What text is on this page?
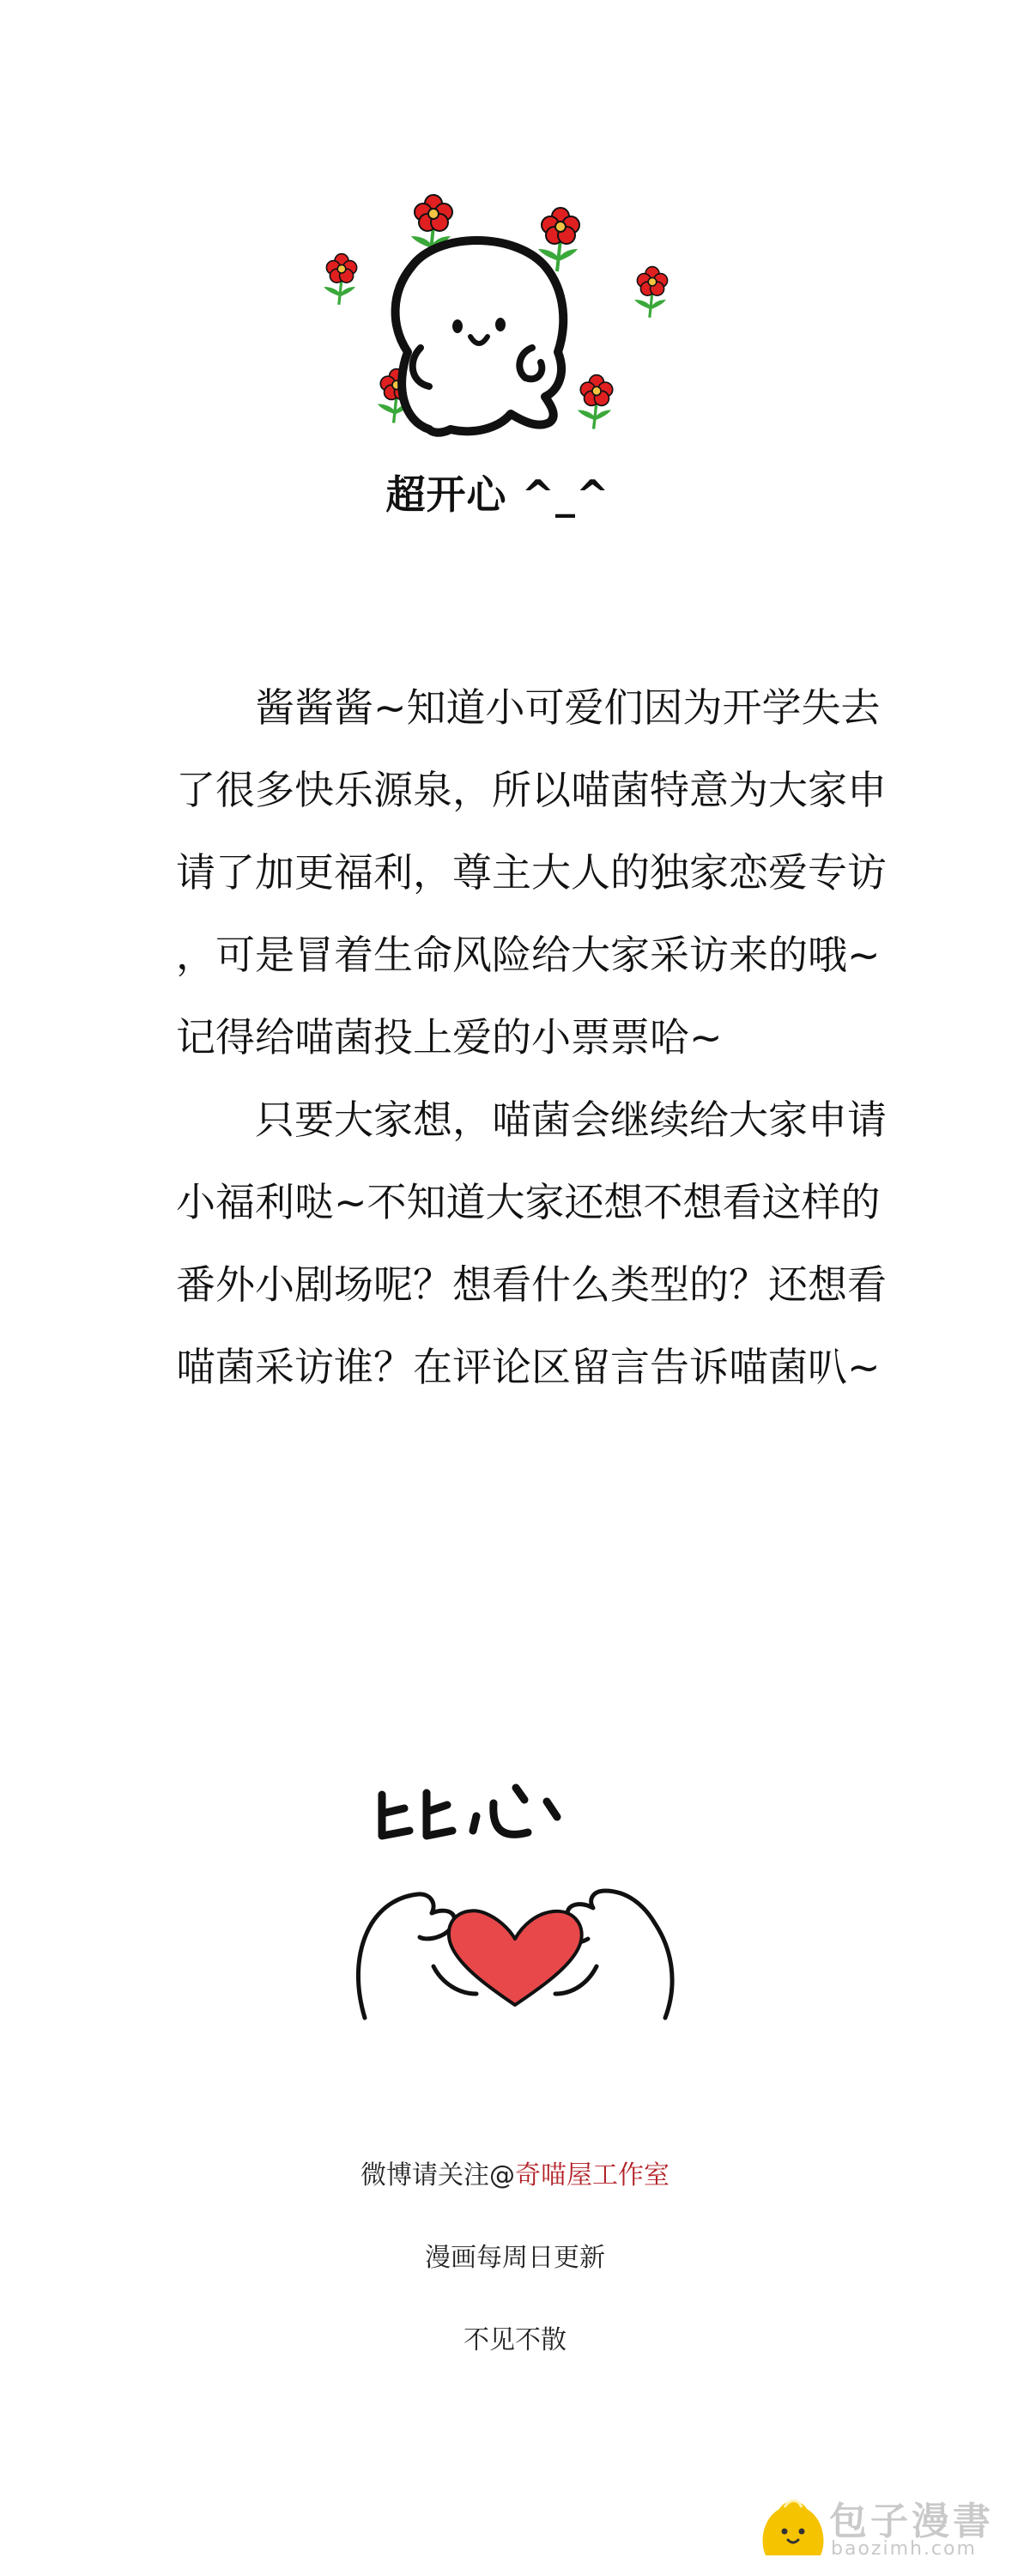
超开心 ^_^

酱酱酱~知道小可爱们因为开学失去了很多快乐源泉，所以喵菌特意为大家申请了加更福利，尊主大人的独家恋爱专访，可是冒着生命风险给大家采访来的哦~记得给喵菌投上爱的小票票哈~

只要大家想，喵菌会继续给大家申请小福利哒~不知道大家还想不想看这样的番外小剧场呢？想看什么类型的？还想看喵菌采访谁？在评论区留言告诉喵菌叭~

微博请关注@奇喵屋工作室
漫画每周日更新
不见不散
包子漫書
baozimh.com
